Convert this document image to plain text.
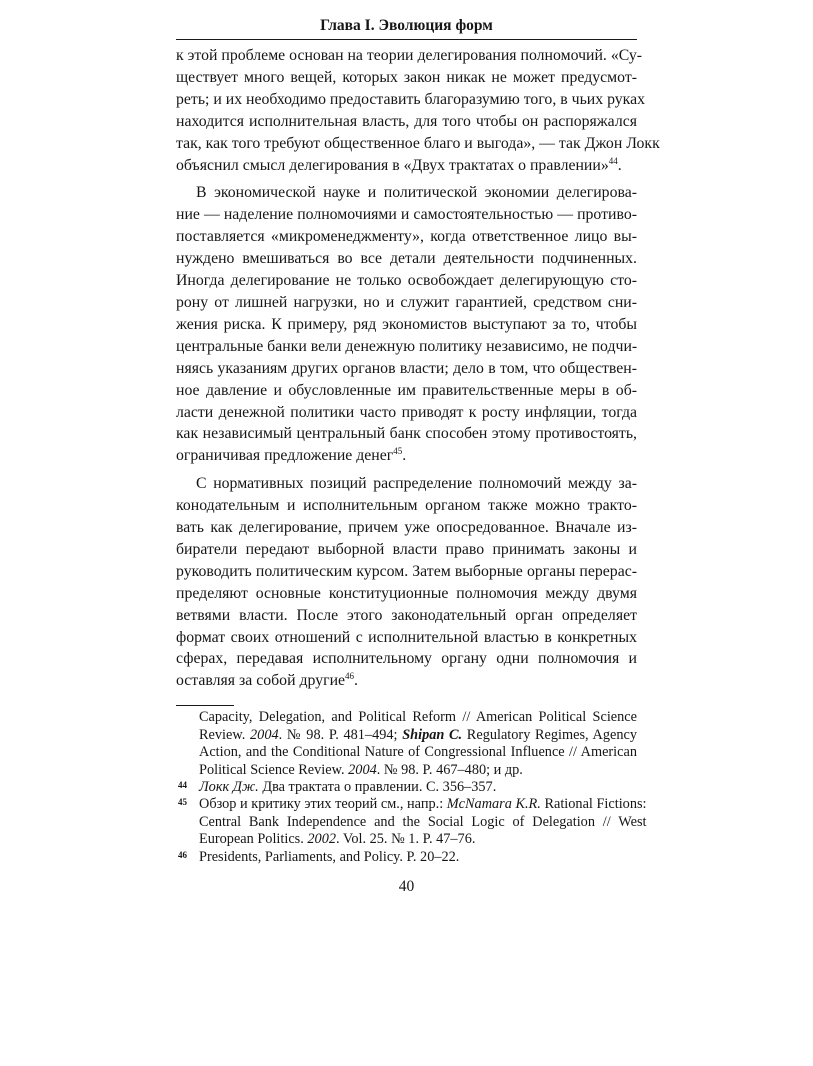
Глава I. Эволюция форм

к этой проблеме основан на теории делегирования полномочий. «Су-
ществует много вещей, которых закон никак не может предусмот-
реть; и их необходимо предоставить благоразумию того, в чьих руках
находится исполнительная власть, для того чтобы он распоряжался
так, как того требуют общественное благо и выгода», — так Джон Локк
объяснил смысл делегирования в «Двух трактатах о правлении»$^{44}$.

В экономической науке и политической экономии делегирова-
ние — наделение полномочиями и самостоятельностью — противо-
поставляется «микроменеджменту», когда ответственное лицо вы-
нуждено вмешиваться во все детали деятельности подчиненных.
Иногда делегирование не только освобождает делегирующую сто-
рону от лишней нагрузки, но и служит гарантией, средством сни-
жения риска. К примеру, ряд экономистов выступают за то, чтобы
центральные банки вели денежную политику независимо, не подчи-
няясь указаниям других органов власти; дело в том, что обществен-
ное давление и обусловленные им правительственные меры в об-
ласти денежной политики часто приводят к росту инфляции, тогда
как независимый центральный банк способен этому противостоять,
ограничивая предложение денег$^{45}$.

С нормативных позиций распределение полномочий между за-
конодательным и исполнительным органом также можно тракто-
вать как делегирование, причем уже опосредованное. Вначале из-
биратели передают выборной власти право принимать законы и
руководить политическим курсом. Затем выборные органы перерас-
пределяют основные конституционные полномочия между двумя
ветвями власти. После этого законодательный орган определяет
формат своих отношений с исполнительной властью в конкретных
сферах, передавая исполнительному органу одни полномочия и
оставляя за собой другие$^{46}$.

Capacity, Delegation, and Political Reform // American Political Science
Review. 2004. № 98. P. 481–494; Shipan C. Regulatory Regimes, Agency
Action, and the Conditional Nature of Congressional Influence // American
Political Science Review. 2004. № 98. P. 467–480; и др.
44 Локк Дж. Два трактата о правлении. С. 356–357.
45 Обзор и критику этих теорий см., напр.: McNamara K.R. Rational Fictions:
Central Bank Independence and the Social Logic of Delegation // West
European Politics. 2002. Vol. 25. № 1. P. 47–76.
46 Presidents, Parliaments, and Policy. P. 20–22.
40
